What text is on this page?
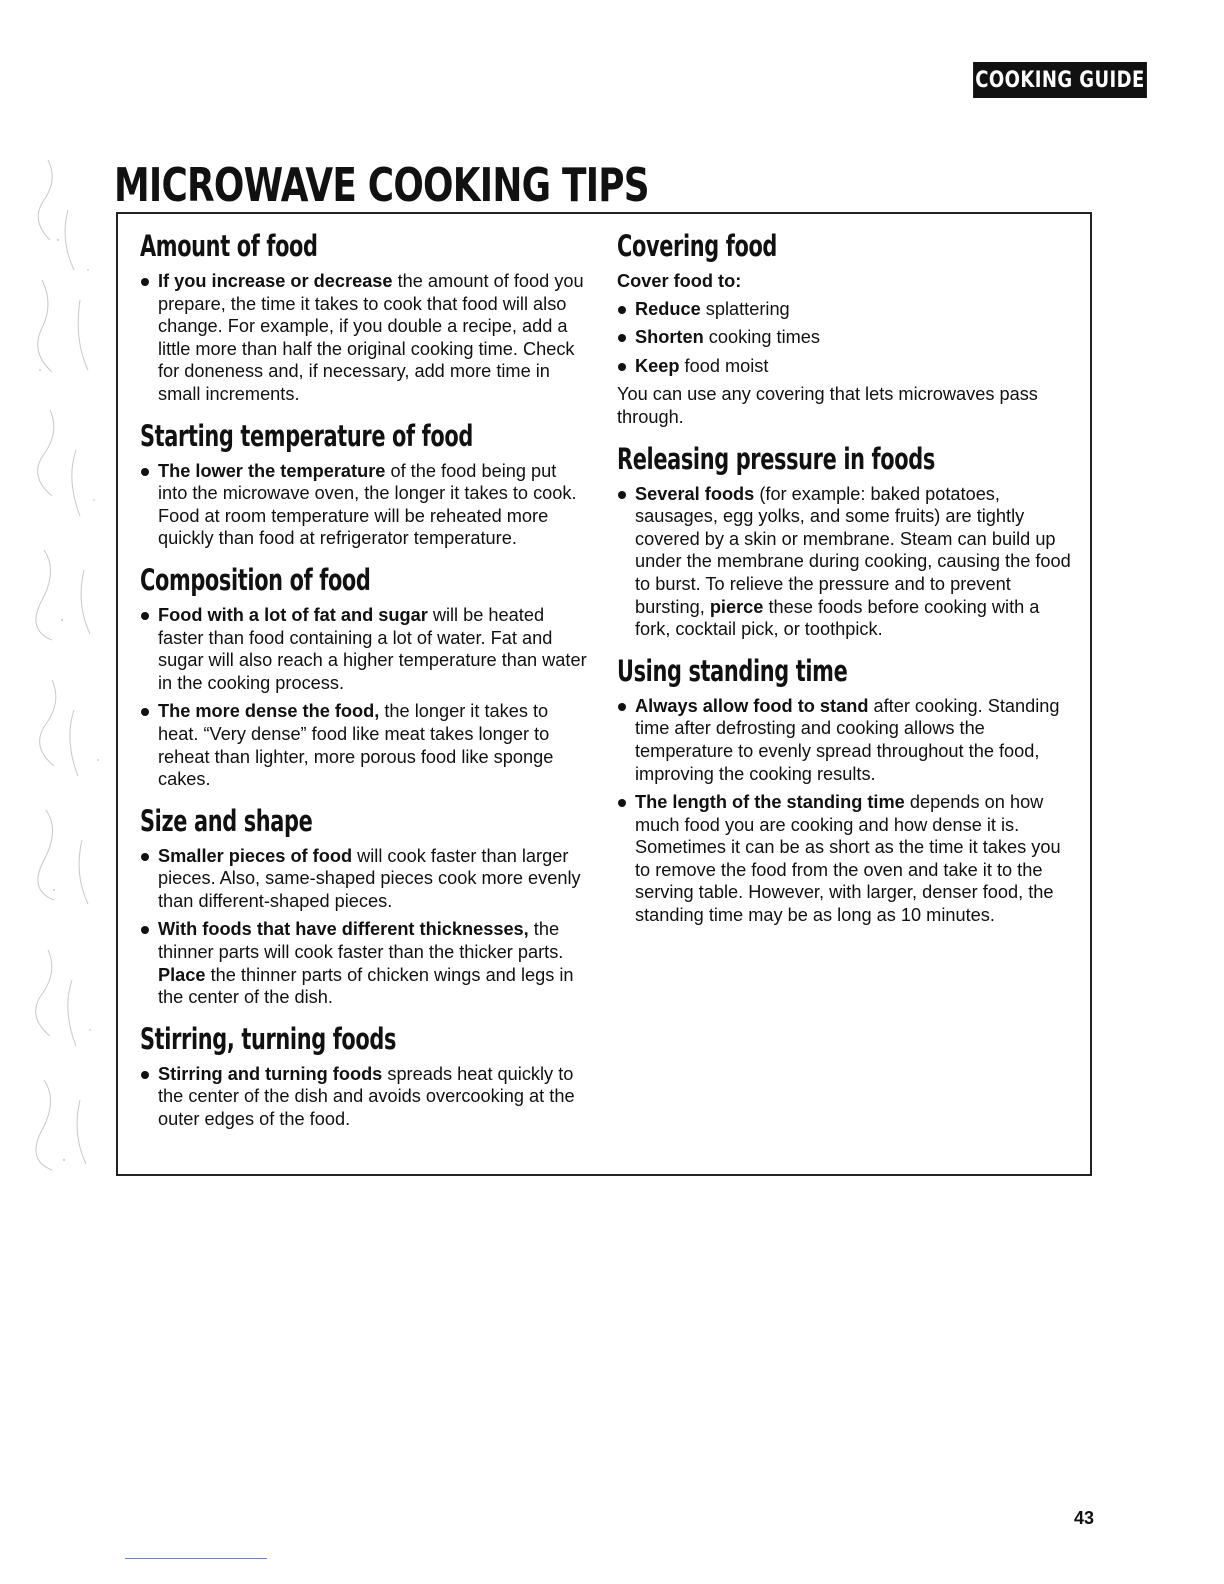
COOKING GUIDE
MICROWAVE COOKING TIPS
Amount of food

If you increase or decrease the amount of food you prepare, the time it takes to cook that food will also change. For example, if you double a recipe, add a little more than half the original cooking time. Check for doneness and, if necessary, add more time in small increments.

Starting temperature of food

The lower the temperature of the food being put into the microwave oven, the longer it takes to cook. Food at room temperature will be reheated more quickly than food at refrigerator temperature.

Composition of food

Food with a lot of fat and sugar will be heated faster than food containing a lot of water. Fat and sugar will also reach a higher temperature than water in the cooking process.

The more dense the food, the longer it takes to heat. “Very dense” food like meat takes longer to reheat than lighter, more porous food like sponge cakes.

Size and shape

Smaller pieces of food will cook faster than larger pieces. Also, same-shaped pieces cook more evenly than different-shaped pieces.

With foods that have different thicknesses, the thinner parts will cook faster than the thicker parts. Place the thinner parts of chicken wings and legs in the center of the dish.

Stirring, turning foods

Stirring and turning foods spreads heat quickly to the center of the dish and avoids overcooking at the outer edges of the food.

Covering food

Cover food to:

Reduce splattering

Shorten cooking times

Keep food moist

You can use any covering that lets microwaves pass through.

Releasing pressure in foods

Several foods (for example: baked potatoes, sausages, egg yolks, and some fruits) are tightly covered by a skin or membrane. Steam can build up under the membrane during cooking, causing the food to burst. To relieve the pressure and to prevent bursting, pierce these foods before cooking with a fork, cocktail pick, or toothpick.

Using standing time

Always allow food to stand after cooking. Standing time after defrosting and cooking allows the temperature to evenly spread throughout the food, improving the cooking results.

The length of the standing time depends on how much food you are cooking and how dense it is. Sometimes it can be as short as the time it takes you to remove the food from the oven and take it to the serving table. However, with larger, denser food, the standing time may be as long as 10 minutes.

43
